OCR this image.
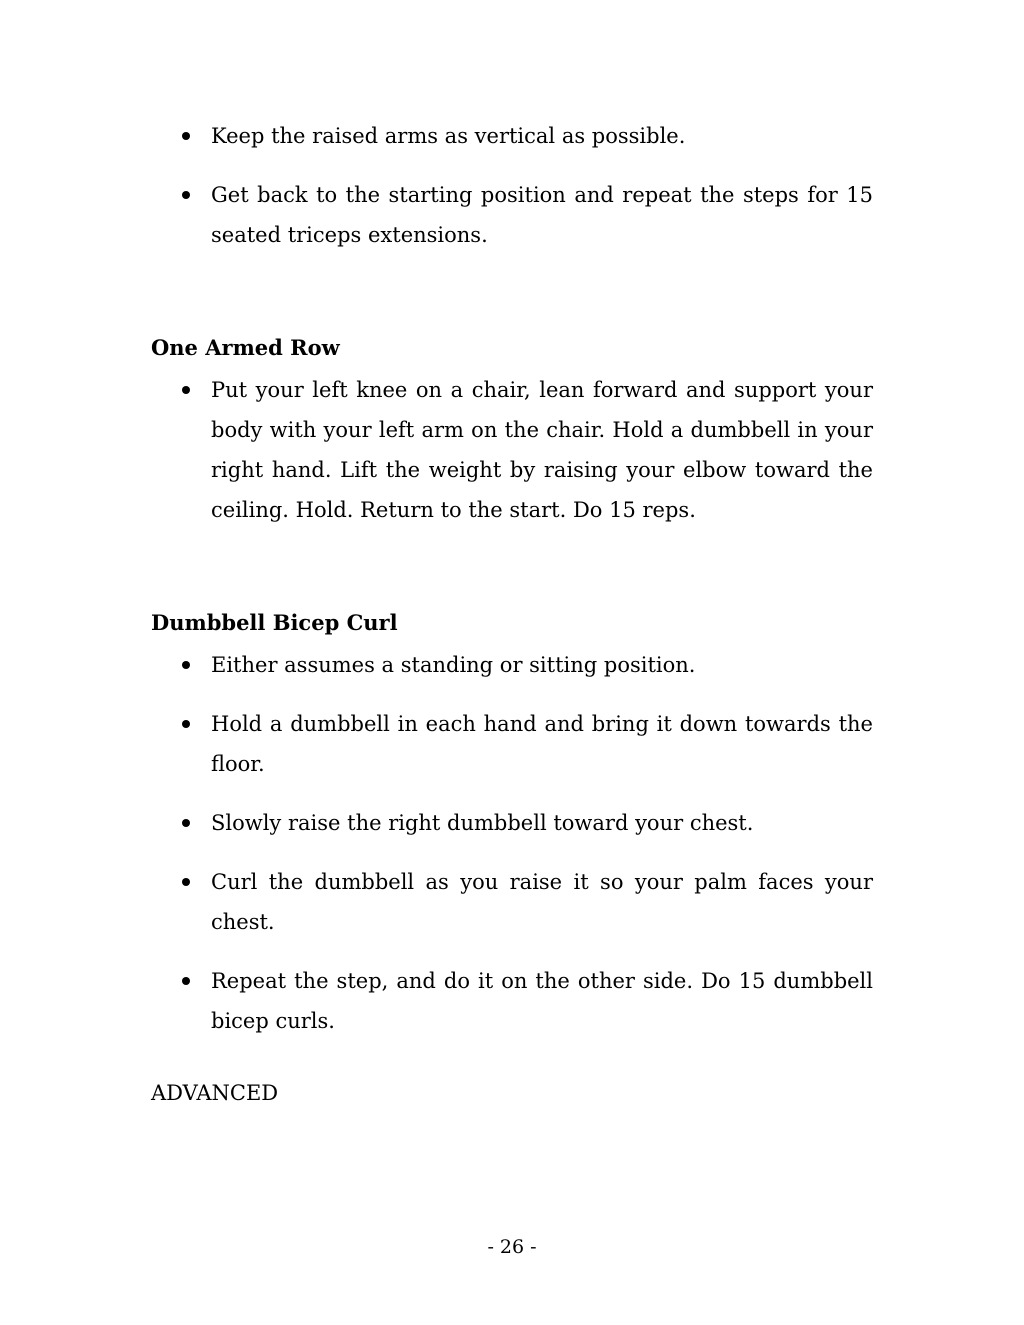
Keep the raised arms as vertical as possible.
Get back to the starting position and repeat the steps for 15 seated triceps extensions.
One Armed Row
Put your left knee on a chair, lean forward and support your body with your left arm on the chair. Hold a dumbbell in your right hand. Lift the weight by raising your elbow toward the ceiling. Hold. Return to the start. Do 15 reps.
Dumbbell Bicep Curl
Either assumes a standing or sitting position.
Hold a dumbbell in each hand and bring it down towards the floor.
Slowly raise the right dumbbell toward your chest.
Curl the dumbbell as you raise it so your palm faces your chest.
Repeat the step, and do it on the other side. Do 15 dumbbell bicep curls.

ADVANCED

- 26 -
